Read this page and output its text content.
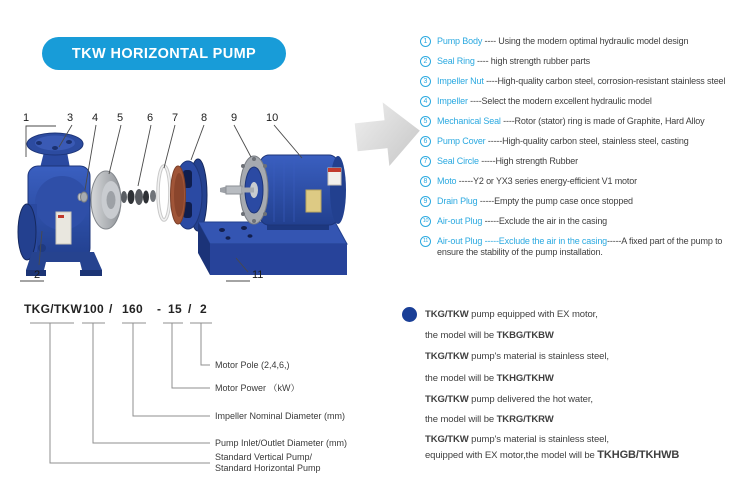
TKW HORIZONTAL PUMP
1	3 4 5 6 7 8 9	10
2	11
1	Pump Body ---- Using the modern optimal hydraulic model design
2	Seal Ring ---- high strength rubber parts
3	Impeller Nut ----High-quality carbon steel, corrosion-resistant stainless steel
4	Impeller ----Select the modern excellent hydraulic model
5	Mechanical Seal ----Rotor (stator) ring is made of Graphite, Hard Alloy
6	Pump Cover -----High-quality carbon steel, stainless steel, casting
7	Seal Circle -----High strength Rubber
8	Moto -----Y2 or YX3 series energy-efficient V1 motor
9	Drain Plug -----Empty the pump case once stopped
10 Air-out Plug -----Exclude the air in the casing
11 Air-out Plug -----Exclude the air in the casing-----A fixed part of the pump to ensure the stability of the pump installation.
TKG/TKW 100 / 160 - 15 / 2
Motor Pole (2,4,6,)
Motor Power （kW）
Impeller Nominal Diameter (mm)
Pump Inlet/Outlet Diameter (mm)
Standard Vertical Pump/
Standard Horizontal Pump
TKG/TKW pump equipped with EX motor,
the model will be TKBG/TKBW
TKG/TKW pump's material is stainless steel,
the model will be TKHG/TKHW
TKG/TKW pump delivered the hot water,
the model will be TKRG/TKRW
TKG/TKW pump's material is stainless steel,
equipped with EX motor,the model will be TKHGB/TKHWB
